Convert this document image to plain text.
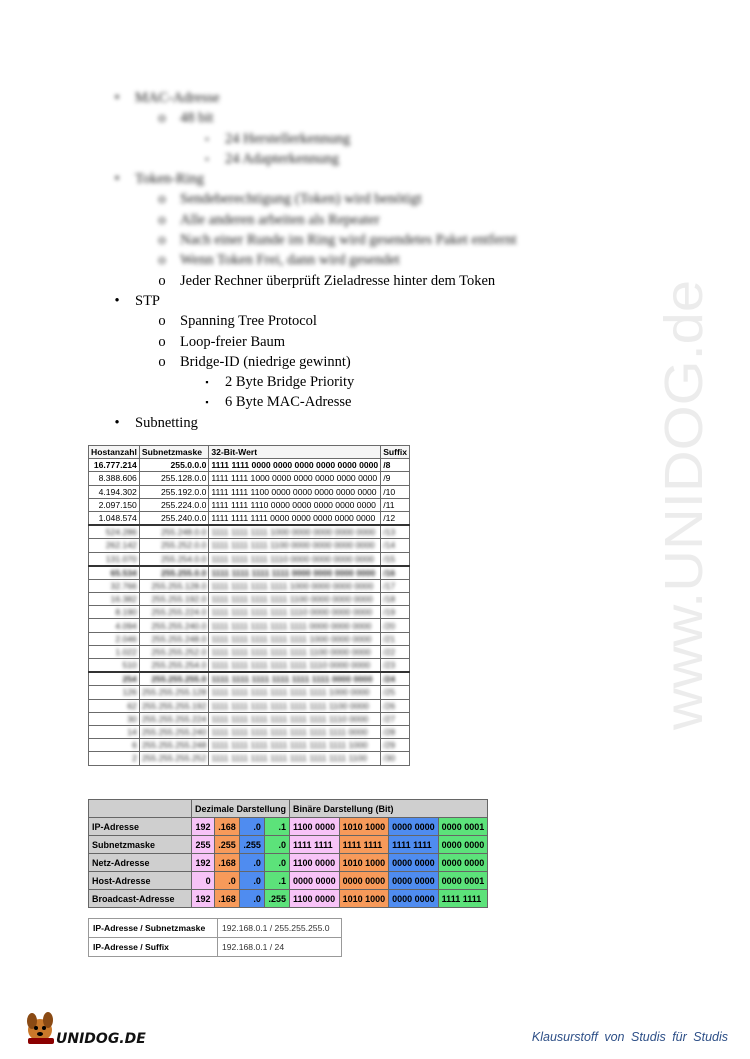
www.UNIDOG.de
•	MAC-Adresse
o 48 bit
▪	24 Herstellerkennung
▪	24 Adapterkennung
•	Token-Ring
o Sendeberechtigung (Token) wird benötigt
o Alle anderen arbeiten als Repeater
o Nach einer Runde im Ring wird gesendetes Paket entfernt
o Wenn Token Frei, dann wird gesendet
o Jeder Rechner überprüft Zieladresse hinter dem Token
•	STP
o Spanning Tree Protocol
o Loop-freier Baum
o Bridge-ID (niedrige gewinnt)
▪	2 Byte Bridge Priority
▪	6 Byte MAC-Adresse
•	Subnetting
Hostanzahl	Subnetzmaske	32-Bit-Wert	Suffix
16.777.214	255.0.0.0	1111 1111 0000 0000 0000 0000 0000 0000	/8
8.388.606	255.128.0.0	1111 1111 1000 0000 0000 0000 0000 0000	/9
4.194.302	255.192.0.0	1111 1111 1100 0000 0000 0000 0000 0000	/10
2.097.150	255.224.0.0	1111 1111 1110 0000 0000 0000 0000 0000	/11
1.048.574	255.240.0.0	1111 1111 1111 0000 0000 0000 0000 0000	/12
524.286	255.248.0.0	1111 1111 1111 1000 0000 0000 0000 0000	/13
262.142	255.252.0.0	1111 1111 1111 1100 0000 0000 0000 0000	/14
131.070	255.254.0.0	1111 1111 1111 1110 0000 0000 0000 0000	/15
65.534	255.255.0.0	1111 1111 1111 1111 0000 0000 0000 0000	/16
32.766	255.255.128.0	1111 1111 1111 1111 1000 0000 0000 0000	/17
16.382	255.255.192.0	1111 1111 1111 1111 1100 0000 0000 0000	/18
8.190	255.255.224.0	1111 1111 1111 1111 1110 0000 0000 0000	/19
4.094	255.255.240.0	1111 1111 1111 1111 1111 0000 0000 0000	/20
2.046	255.255.248.0	1111 1111 1111 1111 1111 1000 0000 0000	/21
1.022	255.255.252.0	1111 1111 1111 1111 1111 1100 0000 0000	/22
510	255.255.254.0	1111 1111 1111 1111 1111 1110 0000 0000	/23
254	255.255.255.0	1111 1111 1111 1111 1111 1111 0000 0000	/24
126	255.255.255.128	1111 1111 1111 1111 1111 1111 1000 0000	/25
62	255.255.255.192	1111 1111 1111 1111 1111 1111 1100 0000	/26
30	255.255.255.224	1111 1111 1111 1111 1111 1111 1110 0000	/27
14	255.255.255.240	1111 1111 1111 1111 1111 1111 1111 0000	/28
6	255.255.255.248	1111 1111 1111 1111 1111 1111 1111 1000	/29
2	255.255.255.252	1111 1111 1111 1111 1111 1111 1111 1100	/30
	Dezimale Darstellung				Binäre Darstellung (Bit)			
IP-Adresse	192	.168	.0	.1	1100 0000	1010 1000	0000 0000	0000 0001
Subnetzmaske	255	.255	.255	.0	1111 1111	1111 1111	1111 1111	0000 0000
Netz-Adresse	192	.168	.0	.0	1100 0000	1010 1000	0000 0000	0000 0000
Host-Adresse	0	.0	.0	.1	0000 0000	0000 0000	0000 0000	0000 0001
Broadcast-Adresse	192	.168	.0	.255	1100 0000	1010 1000	0000 0000	1111 1111
IP-Adresse / Subnetzmaske	192.168.0.1 / 255.255.255.0
IP-Adresse / Suffix	192.168.0.1 / 24
UNIDOG.DE	Klausurstoff von Studis für Studis
